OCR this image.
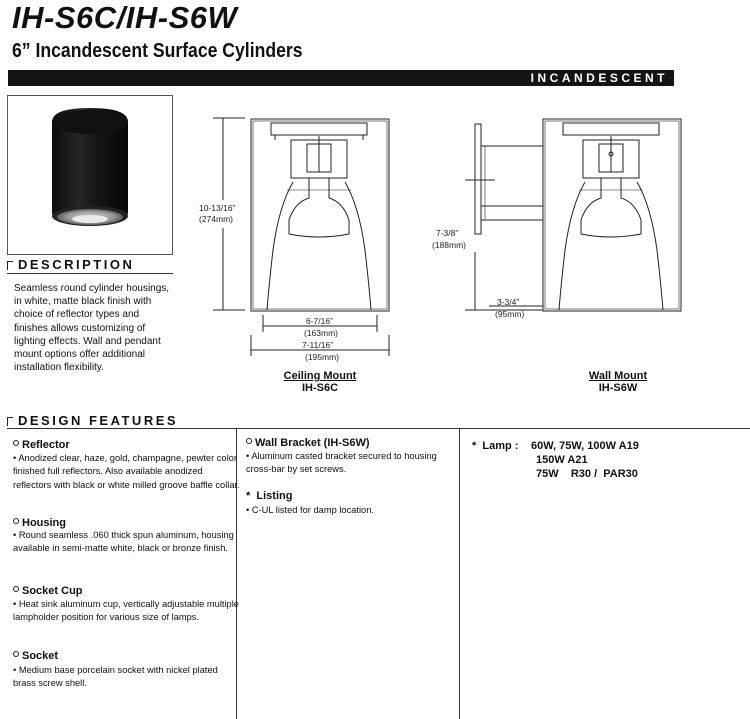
IH-S6C/IH-S6W
6” Incandescent Surface Cylinders
INCANDESCENT
DESCRIPTION
Seamless round cylinder housings, in white, matte black finish with choice of reflector types and finishes allows customizing of lighting effects. Wall and pendant mount options offer additional installation flexibility.
10-13/16”
(274mm)
6-7/16”
(163mm)
7-11/16”
(195mm)
Ceiling Mount
IH-S6C
7-3/8”
(188mm)
3-3/4”
(95mm)
Wall Mount
IH-S6W
DESIGN FEATURES
Reflector
• Anodized clear, haze, gold, champagne, pewter color finished full reflectors. Also available anodized reflectors with black or white milled groove baffle collar.
Housing
• Round seamless .060 thick spun aluminum, housing available in semi-matte white, black or bronze finish.
Socket Cup
• Heat sink aluminum cup, vertically adjustable multiple lampholder position for various size of lamps.
Socket
• Medium base porcelain socket with nickel plated brass screw shell.
Wall Bracket (IH-S6W)
• Aluminum casted bracket secured to housing cross-bar by set screws.
* Listing
• C-UL listed for damp location.
*  Lamp : 60W, 75W, 100W A19
150W A21
75W    R30 /  PAR30
